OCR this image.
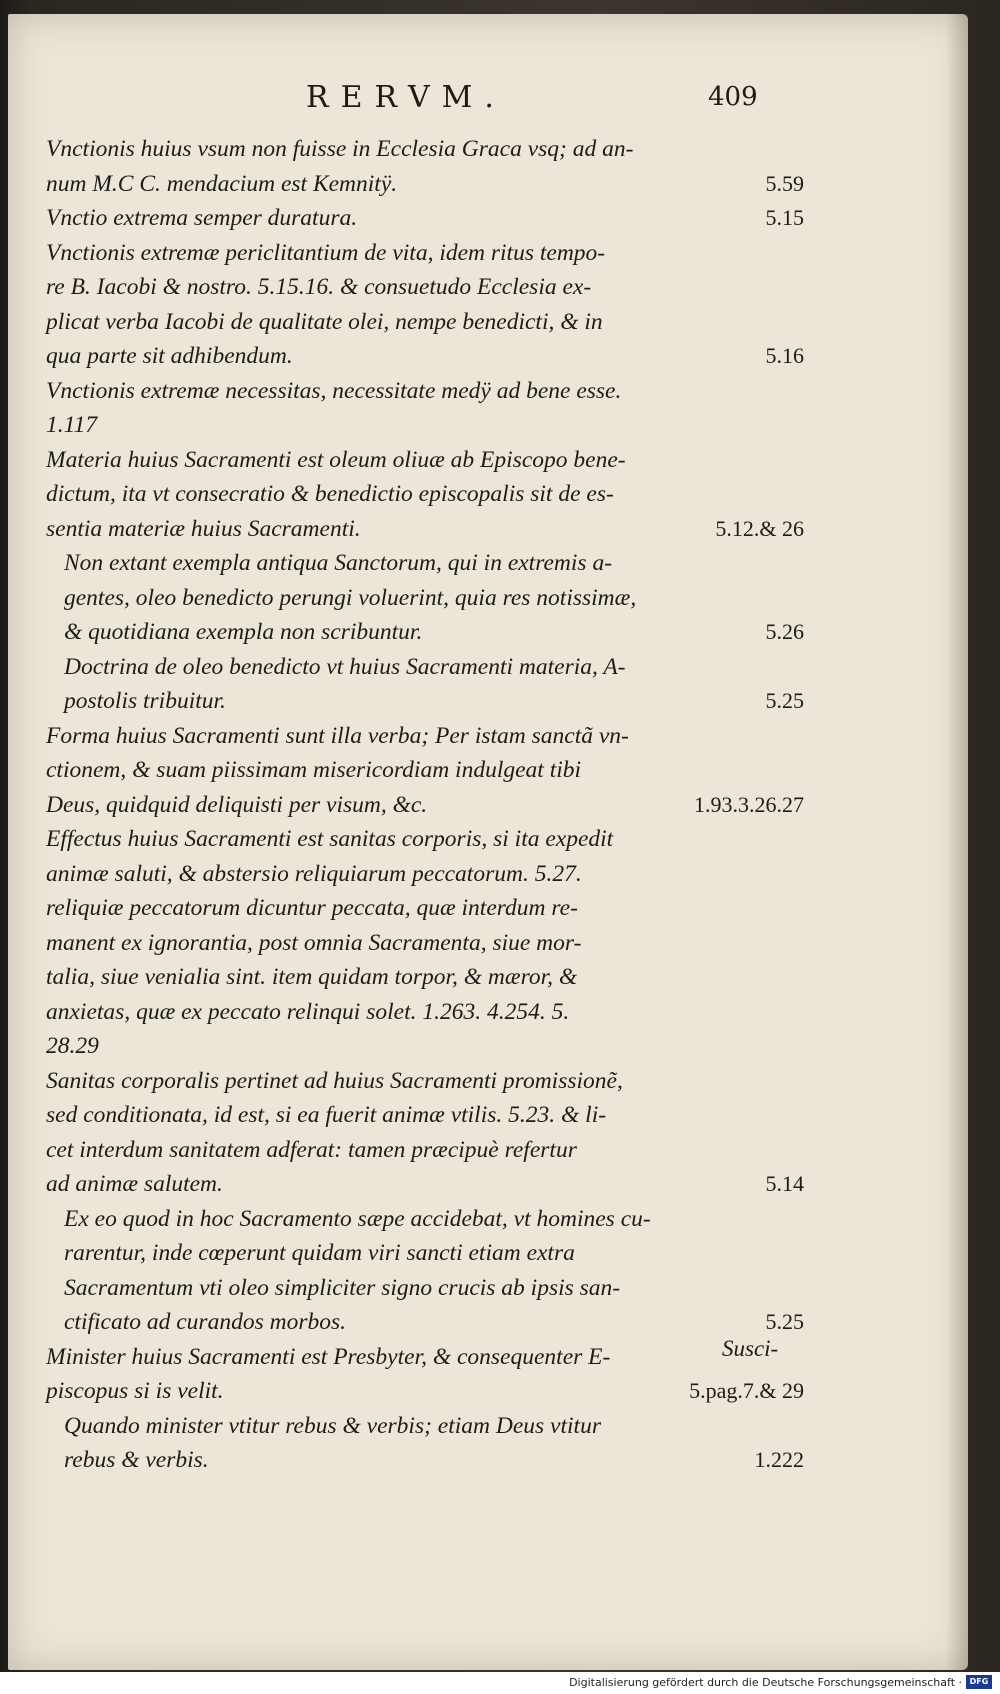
RERVM.	409
Vnctionis huius vsum non fuisse in Ecclesia Graca vsq; ad an-
5.59
num M.C C. mendacium est Kemnitÿ.
5.15
Vnctio extrema semper duratura.
Vnctionis extremæ periclitantium de vita, idem ritus tempo-
re B. Iacobi & nostro. 5.15.16. & consuetudo Ecclesia ex-
plicat verba Iacobi de qualitate olei, nempe benedicti, & in
5.16
qua parte sit adhibendum.
Vnctionis extremæ necessitas, necessitate medÿ ad bene esse.
1.117
Materia huius Sacramenti est oleum oliuæ ab Episcopo bene-
dictum, ita vt consecratio & benedictio episcopalis sit de es-
5.12.& 26
sentia materiæ huius Sacramenti.
Non extant exempla antiqua Sanctorum, qui in extremis a-
gentes, oleo benedicto perungi voluerint, quia res notissimæ,
5.26
& quotidiana exempla non scribuntur.
Doctrina de oleo benedicto vt huius Sacramenti materia, A-
5.25
postolis tribuitur.
Forma huius Sacramenti sunt illa verba; Per istam sanctã vn-
ctionem, & suam piissimam misericordiam indulgeat tibi
1.93.3.26.27
Deus, quidquid deliquisti per visum, &c.
Effectus huius Sacramenti est sanitas corporis, si ita expedit
animæ saluti, & abstersio reliquiarum peccatorum. 5.27.
reliquiæ peccatorum dicuntur peccata, quæ interdum re-
manent ex ignorantia, post omnia Sacramenta, siue mor-
talia, siue venialia sint. item quidam torpor, & mæror, &
anxietas, quæ ex peccato relinqui solet. 1.263. 4.254. 5.
28.29
Sanitas corporalis pertinet ad huius Sacramenti promissionẽ,
sed conditionata, id est, si ea fuerit animæ vtilis. 5.23. & li-
cet interdum sanitatem adferat: tamen præcipuè refertur
5.14
ad animæ salutem.
Ex eo quod in hoc Sacramento sæpe accidebat, vt homines cu-
rarentur, inde cœperunt quidam viri sancti etiam extra
Sacramentum vti oleo simpliciter signo crucis ab ipsis san-
5.25
ctificato ad curandos morbos.
Minister huius Sacramenti est Presbyter, & consequenter E-
5.pag.7.& 29
piscopus si is velit.
Quando minister vtitur rebus & verbis; etiam Deus vtitur
1.222
rebus & verbis.
Susci-
Digitalisierung gefördert durch die Deutsche Forschungsgemeinschaft · DFG
